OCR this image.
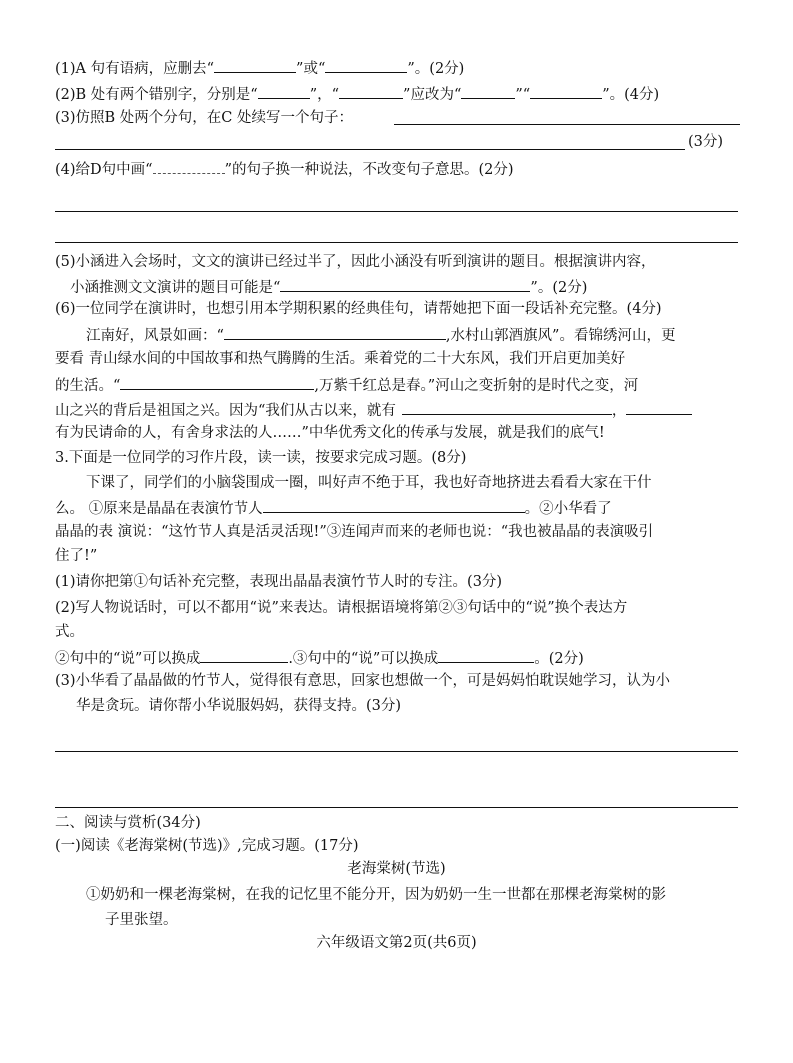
(1)A 句有语病，应删去“	”或“	”。(2分)
(2)B 处有两个错别字，分别是“	”，“	”应改为“	”“	”。(4分)
(3)仿照B 处两个分句，在C 处续写一个句子：
(3分)
(4)给D句中画“	”的句子换一种说法，不改变句子意思。(2分)
(5)小涵进入会场时，文文的演讲已经过半了，因此小涵没有听到演讲的题目。根据演讲内容，
小涵推测文文演讲的题目可能是“	”。(2分)
(6)一位同学在演讲时，也想引用本学期积累的经典佳句，请帮她把下面一段话补充完整。(4分)
江南好，风景如画：“	,水村山郭酒旗风”。看锦绣河山，更
要看 青山绿水间的中国故事和热气腾腾的生活。乘着党的二十大东风，我们开启更加美好
的生活。“	,万紫千红总是春。”河山之变折射的是时代之变，河
山之兴的背后是祖国之兴。因为“我们从古以来，就有	，
有为民请命的人，有舍身求法的人……”中华优秀文化的传承与发展，就是我们的底气!
3.下面是一位同学的习作片段，读一读，按要求完成习题。(8分)
下课了，同学们的小脑袋围成一圈，叫好声不绝于耳，我也好奇地挤进去看看大家在干什
么。 ①原来是晶晶在表演竹节人	。②小华看了
晶晶的表 演说：“这竹节人真是活灵活现!”③连闻声而来的老师也说：“我也被晶晶的表演吸引
住了!”
(1)请你把第①句话补充完整，表现出晶晶表演竹节人时的专注。(3分)
(2)写人物说话时，可以不都用“说”来表达。请根据语境将第②③句话中的“说”换个表达方
式。
②句中的“说”可以换成	.③句中的“说”可以换成	。(2分)
(3)小华看了晶晶做的竹节人，觉得很有意思，回家也想做一个，可是妈妈怕耽误她学习，认为小
华是贪玩。请你帮小华说服妈妈，获得支持。(3分)
二、阅读与赏析(34分)
(一)阅读《老海棠树(节选)》,完成习题。(17分)
老海棠树(节选)
①奶奶和一棵老海棠树，在我的记忆里不能分开，因为奶奶一生一世都在那棵老海棠树的影
子里张望。
六年级语文第2页(共6页)
